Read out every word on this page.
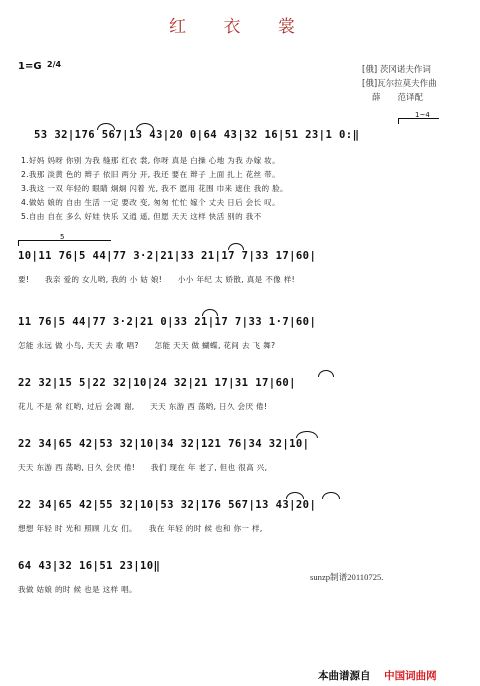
红 衣 裳
1=G $^{2/4}$
[俄] 茨冈诺夫作词
[俄]瓦尔拉莫夫作曲
薛　　范译配
1~4
53 32|176 567|13 43|20 0|64 43|32 16|51 23|1 0:‖
1.好妈 妈呀 你别 为我 缝那 红衣 裳, 你呀 真是 白操 心地 为我 办嫁 妆。
2.我那 淡黄 色的 辫子 依旧 两分 开, 我还 要在 辫子 上面 扎上 花丝 带。
3.我这 一双 年轻的 眼睛 炯炯 闪着 光, 我不 愿用 花围 巾来 遮住 我的 脸。
4.做姑 娘的 自由 生活 一定 要改 变, 匆匆 忙忙 嫁个 丈夫 日后 会长 叹。
5.自由 自在 多么 好娃 快乐 又逍 遥, 但愿 天天 这样 快活 别的 我不
5
10|11 76|5 44|77 3·2|21|33 21|17 7|33 17|60|
要!　　我亲 爱的 女儿哟, 我的 小 姑 娘!　　小小 年纪 太 娇散, 真是 不像 样!
11 76|5 44|77 3·2|21 0|33 21|17 7|33 1·7|60|
怎能 永远 做 小鸟, 天天 去 歌 唱?　　怎能 天天 做 蝴蝶, 花间 去 飞 舞?
22 32|15 5|22 32|10|24 32|21 17|31 17|60|
花儿 不是 常 红哟, 过后 会凋 谢,　　天天 东游 西 荡哟, 日久 会厌 倦!
22 34|65 42|53 32|10|34 32|121 76|34 32|10|
天天 东游 西 荡哟, 日久 会厌 倦!　　我们 现在 年 老了, 但也 很高 兴,
22 34|65 42|55 32|10|53 32|176 567|13 43|20|
想想 年轻 时 光和 照顾 儿女 们。　　我在 年轻 的时 候 也和 你一 样,
64 43|32 16|51 23|10‖
我做 姑娘 的时 候 也是 这样 唱。
sunzp制谱20110725.
本曲谱源自 中国词曲网
